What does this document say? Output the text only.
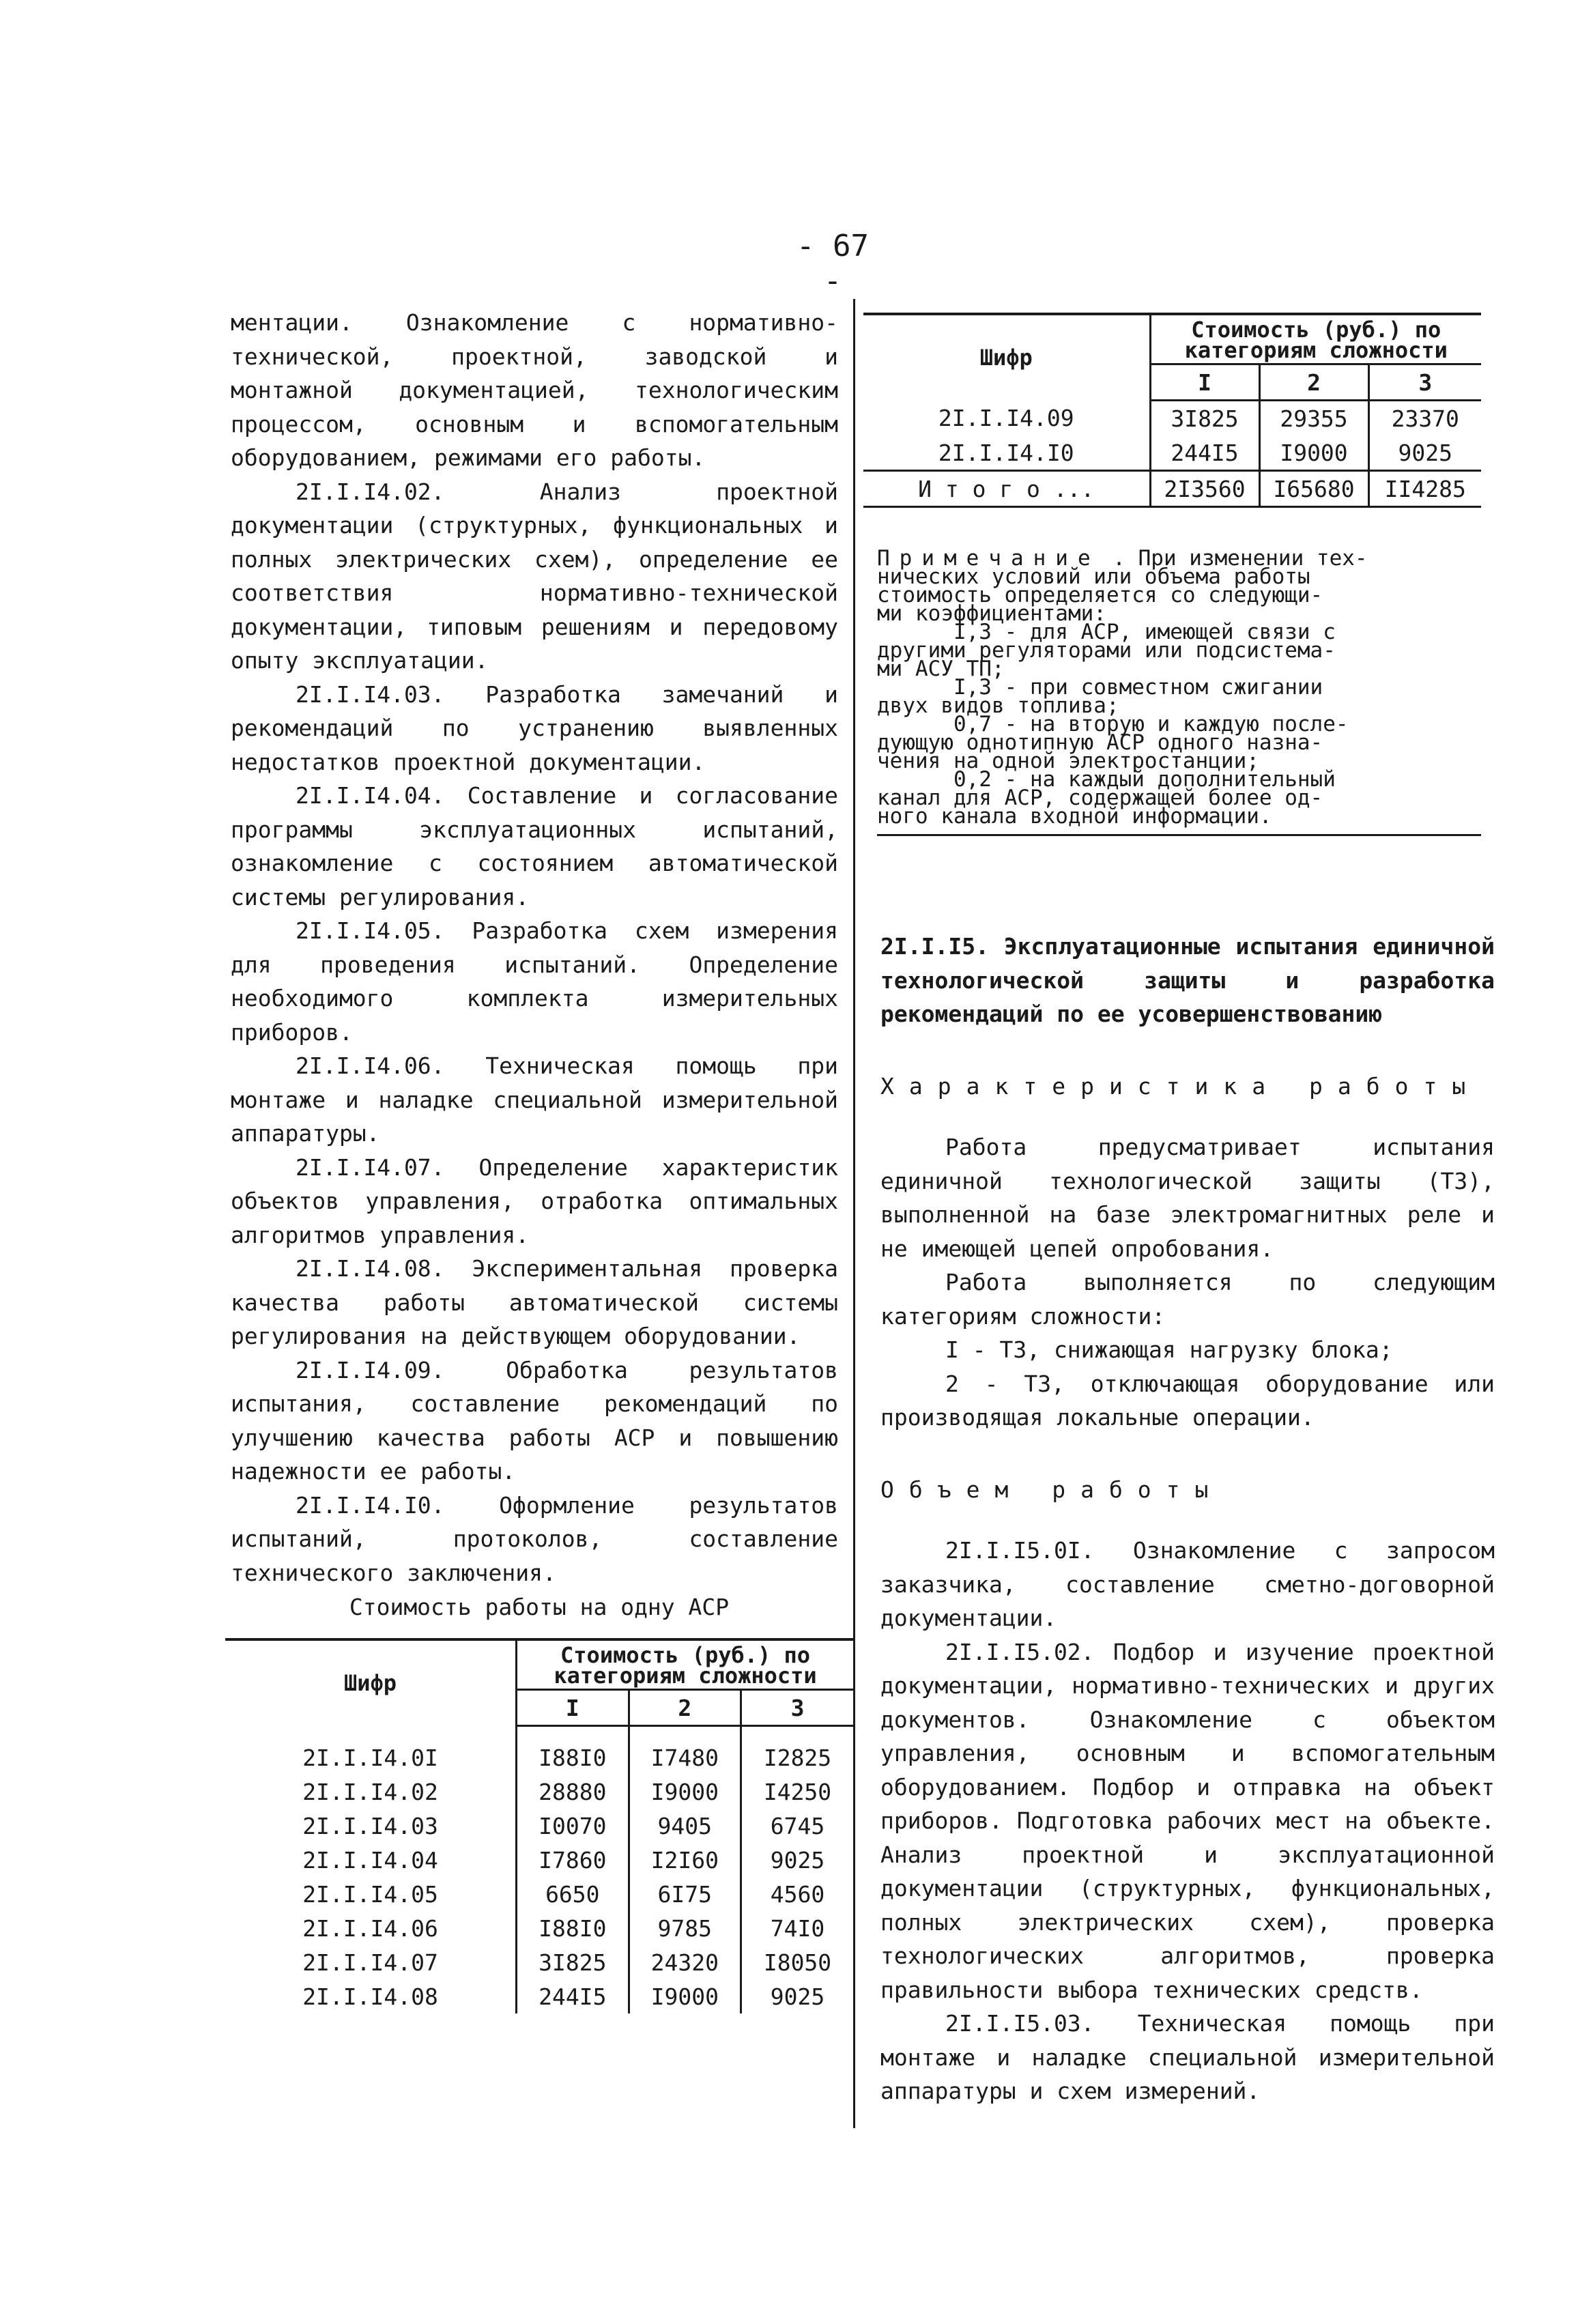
- 67 -

ментации. Ознакомление с нормативно-технической, проектной, заводской и монтажной документацией, технологическим процессом, основным и вспомогательным оборудованием, режимами его работы.

2I.I.I4.02. Анализ проектной документации (структурных, функциональных и полных электрических схем), определение ее соответствия нормативно-технической документации, типовым решениям и передовому опыту эксплуатации.

2I.I.I4.03. Разработка замечаний и рекомендаций по устранению выявленных недостатков проектной документации.

2I.I.I4.04. Составление и согласование программы эксплуатационных испытаний, ознакомление с состоянием автоматической системы регулирования.

2I.I.I4.05. Разработка схем измерения для проведения испытаний. Определение необходимого комплекта измерительных приборов.

2I.I.I4.06. Техническая помощь при монтаже и наладке специальной измерительной аппаратуры.

2I.I.I4.07. Определение характеристик объектов управления, отработка оптимальных алгоритмов управления.

2I.I.I4.08. Экспериментальная проверка качества работы автоматической системы регулирования на действующем оборудовании.

2I.I.I4.09. Обработка результатов испытания, составление рекомендаций по улучшению качества работы АСР и повышению надежности ее работы.

2I.I.I4.I0. Оформление результатов испытаний, протоколов, составление технического заключения.

Стоимость работы на одну АСР
Шифр	Стоимость (руб.) по
категориям сложности		

	I	2	3

2I.I.I4.0I	I88I0	I7480	I2825
2I.I.I4.02	28880	I9000	I4250
2I.I.I4.03	I0070	9405	6745
2I.I.I4.04	I7860	I2I60	9025
2I.I.I4.05	6650	6I75	4560
2I.I.I4.06	I88I0	9785	74I0
2I.I.I4.07	3I825	24320	I8050
2I.I.I4.08	244I5	I9000	9025
Шифр	Стоимость (руб.) по
категориям сложности		

	I	2	3
2I.I.I4.09	3I825	29355	23370
2I.I.I4.I0	244I5	I9000	9025
И т о г о ...	2I3560	I65680	II4285
Примечание . При изменении тех-
нических условий или объема работы
стоимость определяется со следующи-
ми коэффициентами:
I,3 - для АСР, имеющей связи с
другими регуляторами или подсистема-
ми АСУ ТП;
I,3 - при совместном сжигании
двух видов топлива;
0,7 - на вторую и каждую после-
дующую однотипную АСР одного назна-
чения на одной электростанции;
0,2 - на каждый дополнительный
канал для АСР, содержащей более од-
ного канала входной информации.

2I.I.I5. Эксплуатационные испытания единичной технологической защиты и разработка рекомендаций по ее усовершенствованию

Характеристика работы

Работа предусматривает испытания единичной технологической защиты (ТЗ), выполненной на базе электромагнитных реле и не имеющей цепей опробования.

Работа выполняется по следующим категориям сложности:

I - ТЗ, снижающая нагрузку блока;

2 - ТЗ, отключающая оборудование или производящая локальные операции.

Объем работы

2I.I.I5.0I. Ознакомление с запросом заказчика, составление сметно-договорной документации.

2I.I.I5.02. Подбор и изучение проектной документации, нормативно-технических и других документов. Ознакомление с объектом управления, основным и вспомогательным оборудованием. Подбор и отправка на объект приборов. Подготовка рабочих мест на объекте. Анализ проектной и эксплуатационной документации (структурных, функциональных, полных электрических схем), проверка технологических алгоритмов, проверка правильности выбора технических средств.

2I.I.I5.03. Техническая помощь при монтаже и наладке специальной измерительной аппаратуры и схем измерений.
